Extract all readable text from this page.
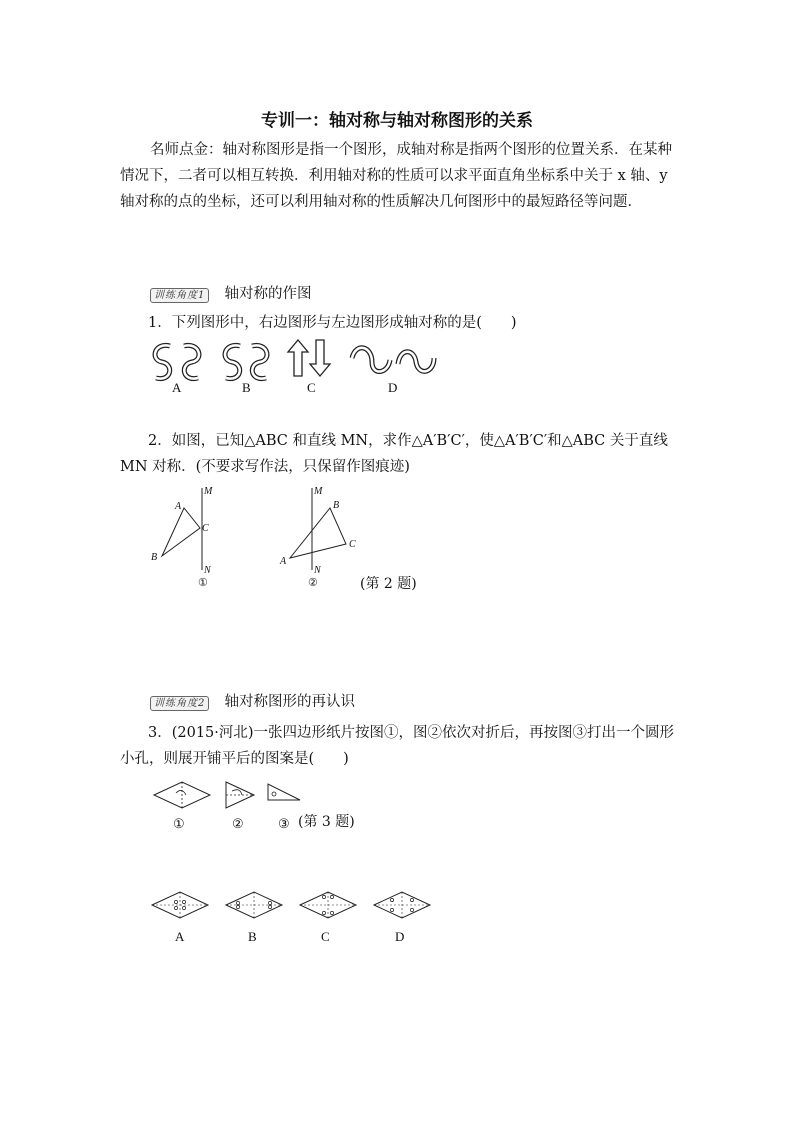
专训一：轴对称与轴对称图形的关系
名师点金：轴对称图形是指一个图形，成轴对称是指两个图形的位置关系．在某种情况下，二者可以相互转换．利用轴对称的性质可以求平面直角坐标系中关于 x 轴、y 轴对称的点的坐标，还可以利用轴对称的性质解决几何图形中的最短路径等问题．
训练角度1 轴对称的作图
1．下列图形中，右边图形与左边图形成轴对称的是(　　)
A	B	C	D
2．如图，已知△ABC 和直线 MN，求作△A′B′C′，使△A′B′C′和△ABC 关于直线 MN 对称．(不要求写作法，只保留作图痕迹)
M
N
A
B
C
M
N
A
B
C
①	②	(第 2 题)
训练角度2 轴对称图形的再认识
3．(2015·河北)一张四边形纸片按图①，图②依次对折后，再按图③打出一个圆形小孔，则展开铺平后的图案是(　　)
①	②	③ (第 3 题)
A	B	C	D
